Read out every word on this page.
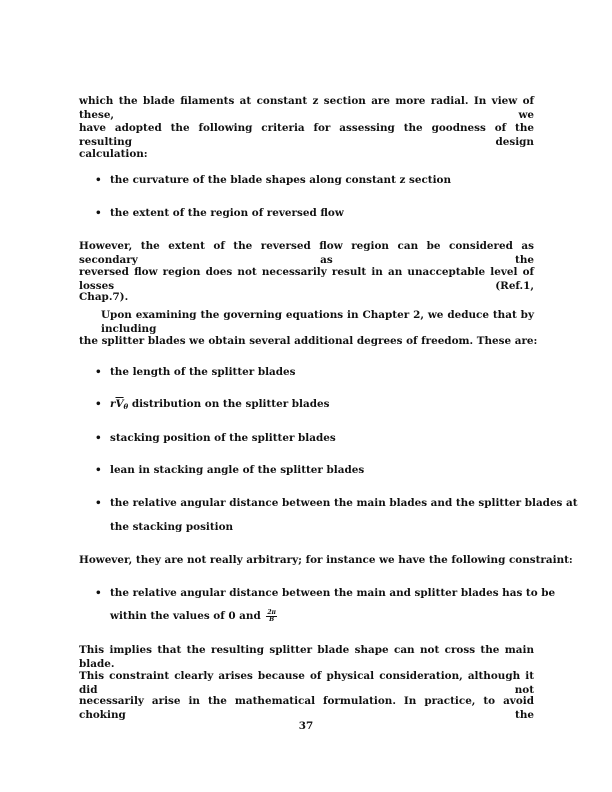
which the blade filaments at constant z section are more radial. In view of these, we
have adopted the following criteria for assessing the goodness of the resulting design
calculation:
• the curvature of the blade shapes along constant z section
• the extent of the region of reversed flow
However, the extent of the reversed flow region can be considered as secondary as the
reversed flow region does not necessarily result in an unacceptable level of losses (Ref.1,
Chap.7).
Upon examining the governing equations in Chapter 2, we deduce that by including
the splitter blades we obtain several additional degrees of freedom. These are:
• the length of the splitter blades
• $r\overline{V}_\theta$ distribution on the splitter blades
• stacking position of the splitter blades
• lean in stacking angle of the splitter blades
• the relative angular distance between the main blades and the splitter blades at
the stacking position
However, they are not really arbitrary; for instance we have the following constraint:
• the relative angular distance between the main and splitter blades has to be
within the values of 0 and $\frac{2\pi}{B}$
This implies that the resulting splitter blade shape can not cross the main blade.
This constraint clearly arises because of physical consideration, although it did not
necessarily arise in the mathematical formulation. In practice, to avoid choking the
37
